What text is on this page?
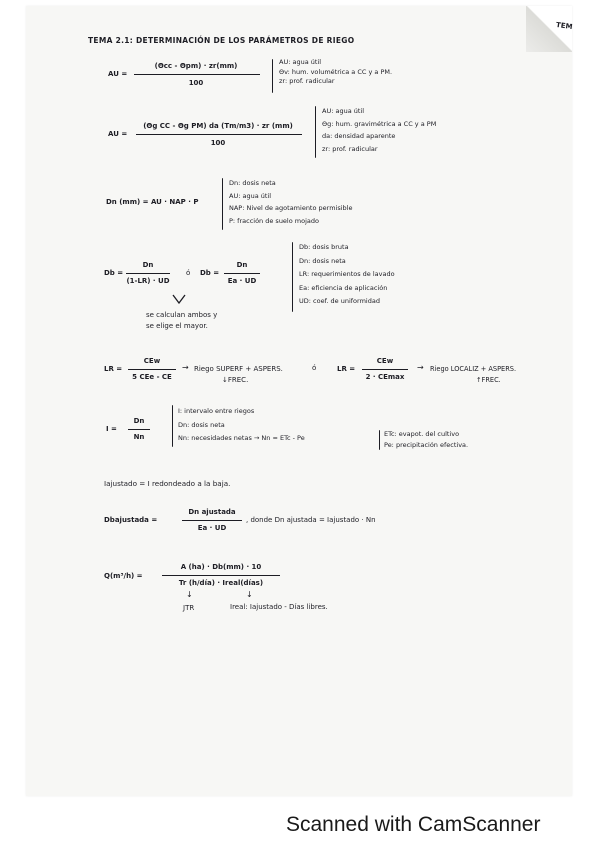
TEM
TEMA 2.1: DETERMINACIÓN DE LOS PARÁMETROS DE RIEGO
AU =
(Θcc - Θpm) · zr(mm)
100
AU: agua útil
Θv: hum. volumétrica a CC y a PM.
zr: prof. radicular
AU =
(Θg CC - Θg PM) da (Tm/m3) · zr (mm)
100
AU: agua útil
Θg: hum. gravimétrica a CC y a PM
da: densidad aparente
zr: prof. radicular
Dn (mm) = AU · NAP · P
Dn: dosis neta
AU: agua útil
NAP: Nivel de agotamiento permisible
P: fracción de suelo mojado
Db =
Dn
(1-LR) · UD
ó Db =
Dn
Ea · UD
se calculan ambos y
se elige el mayor.
Db: dosis bruta
Dn: dosis neta
LR: requerimientos de lavado
Ea: eficiencia de aplicación
UD: coef. de uniformidad
LR =
CEw
5 CEe - CE
→ Riego SUPERF + ASPERS.
↓FREC.
ó	LR =
CEw
2 · CEmax
→ Riego LOCALIZ + ASPERS.
↑FREC.
I =
Dn
Nn
I: intervalo entre riegos
Dn: dosis neta
Nn: necesidades netas → Nn = ETc - Pe	ETc: evapot. del cultivo
Pe: precipitación efectiva.
Iajustado = I redondeado a la baja.
Dbajustada =
Dn ajustada
Ea · UD
, donde Dn ajustada = Iajustado · Nn
Q(m³/h) =
A (ha) · Db(mm) · 10
Tr (h/día) · Ireal(días)
↓	↓
JTR	Ireal: Iajustado - Días libres.
Scanned with CamScanner
